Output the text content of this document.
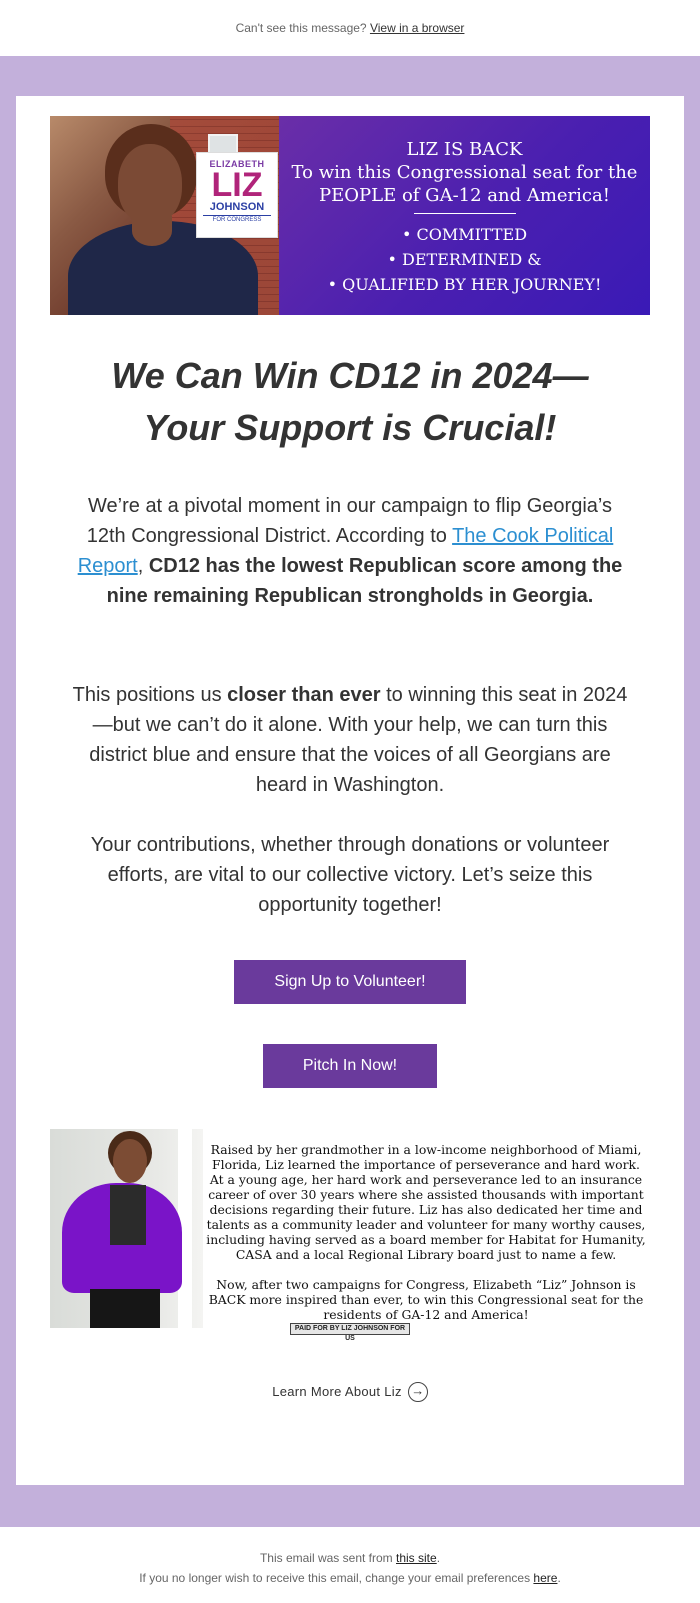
Can't see this message? View in a browser
ELIZABETH
LIZ
JOHNSON
FOR CONGRESS
LIZ IS BACK
To win this Congressional seat for the
PEOPLE of GA-12 and America!
• COMMITTED
• DETERMINED &
• QUALIFIED BY HER JOURNEY!
We Can Win CD12 in 2024—
Your Support is Crucial!

We’re at a pivotal moment in our campaign to flip Georgia’s 12th Congressional District. According to The Cook Political Report, CD12 has the lowest Republican score among the nine remaining Republican strongholds in Georgia.

This positions us closer than ever to winning this seat in 2024—but we can’t do it alone. With your help, we can turn this district blue and ensure that the voices of all Georgians are heard in Washington.

Your contributions, whether through donations or volunteer efforts, are vital to our collective victory. Let’s seize this opportunity together!

Sign Up to Volunteer!
Pitch In Now!

Raised by her grandmother in a low-income neighborhood of Miami, Florida, Liz learned the importance of perseverance and hard work. At a young age, her hard work and perseverance led to an insurance career of over 30 years where she assisted thousands with important decisions regarding their future. Liz has also dedicated her time and talents as a community leader and volunteer for many worthy causes, including having served as a board member for Habitat for Humanity, CASA and a local Regional Library board just to name a few.

Now, after two campaigns for Congress, Elizabeth “Liz” Johnson is BACK more inspired than ever, to win this Congressional seat for the residents of GA-12 and America!

PAID FOR BY LIZ JOHNSON FOR US
Learn More About Liz →
This email was sent from this site.
If you no longer wish to receive this email, change your email preferences here.
